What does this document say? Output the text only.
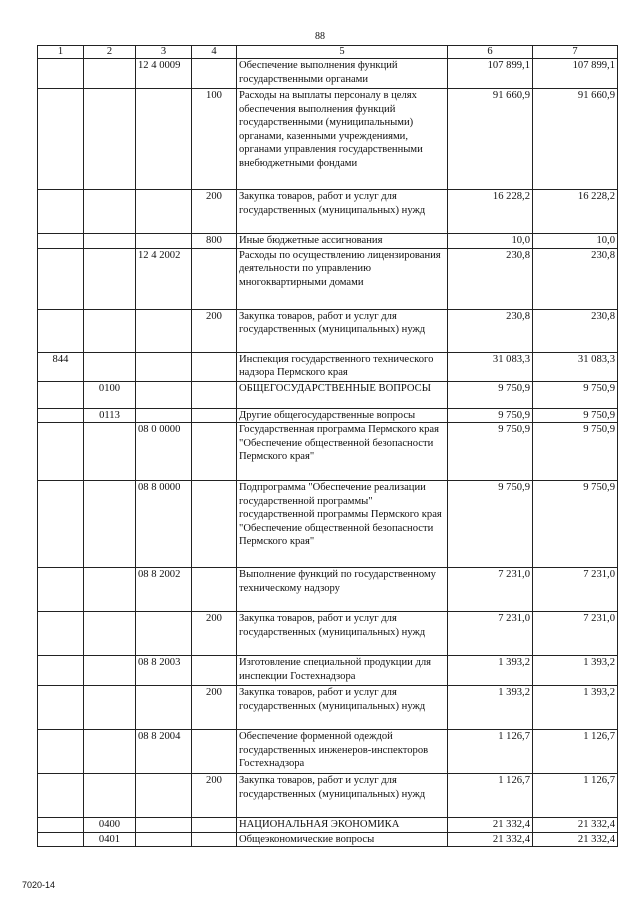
88
1	2	3	4	5	6	7
		12 4 0009		Обеспечение выполнения функций государственными органами	107 899,1	107 899,1
			100	Расходы на выплаты персоналу в целях обеспечения выполнения функций государственными (муниципальными) органами, казенными учреждениями, органами управления государственными внебюджетными фондами	91 660,9	91 660,9
			200	Закупка товаров, работ и услуг для государственных (муниципальных) нужд	16 228,2	16 228,2
			800	Иные бюджетные ассигнования	10,0	10,0
		12 4 2002		Расходы по осуществлению лицензирования деятельности по управлению многоквартирными домами	230,8	230,8
			200	Закупка товаров, работ и услуг для государственных (муниципальных) нужд	230,8	230,8
844				Инспекция государственного технического надзора Пермского края	31 083,3	31 083,3
	0100			ОБЩЕГОСУДАРСТВЕННЫЕ ВОПРОСЫ	9 750,9	9 750,9
	0113			Другие общегосударственные вопросы	9 750,9	9 750,9
		08 0 0000		Государственная программа Пермского края "Обеспечение общественной безопасности Пермского края"	9 750,9	9 750,9
		08 8 0000		Подпрограмма "Обеспечение реализации государственной программы" государственной программы Пермского края "Обеспечение общественной безопасности Пермского края"	9 750,9	9 750,9
		08 8 2002		Выполнение функций по государственному техническому надзору	7 231,0	7 231,0
			200	Закупка товаров, работ и услуг для государственных (муниципальных) нужд	7 231,0	7 231,0
		08 8 2003		Изготовление специальной продукции для инспекции Гостехнадзора	1 393,2	1 393,2
			200	Закупка товаров, работ и услуг для государственных (муниципальных) нужд	1 393,2	1 393,2
		08 8 2004		Обеспечение форменной одеждой государственных инженеров-инспекторов Гостехнадзора	1 126,7	1 126,7
			200	Закупка товаров, работ и услуг для государственных (муниципальных) нужд	1 126,7	1 126,7
	0400			НАЦИОНАЛЬНАЯ ЭКОНОМИКА	21 332,4	21 332,4
	0401			Общеэкономические вопросы	21 332,4	21 332,4
7020-14
